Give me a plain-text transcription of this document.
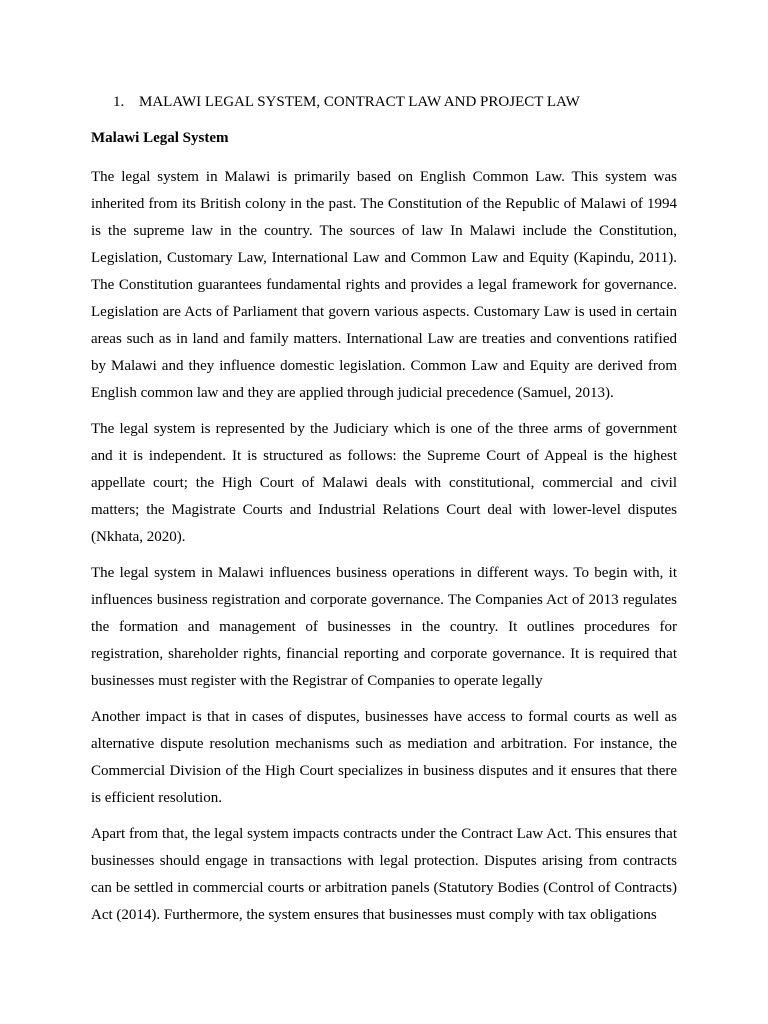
1. MALAWI LEGAL SYSTEM, CONTRACT LAW AND PROJECT LAW
Malawi Legal System

The legal system in Malawi is primarily based on English Common Law. This system was inherited from its British colony in the past. The Constitution of the Republic of Malawi of 1994 is the supreme law in the country. The sources of law In Malawi include the Constitution, Legislation, Customary Law, International Law and Common Law and Equity (Kapindu, 2011). The Constitution guarantees fundamental rights and provides a legal framework for governance. Legislation are Acts of Parliament that govern various aspects. Customary Law is used in certain areas such as in land and family matters. International Law are treaties and conventions ratified by Malawi and they influence domestic legislation. Common Law and Equity are derived from English common law and they are applied through judicial precedence (Samuel, 2013).

The legal system is represented by the Judiciary which is one of the three arms of government and it is independent. It is structured as follows: the Supreme Court of Appeal is the highest appellate court; the High Court of Malawi deals with constitutional, commercial and civil matters; the Magistrate Courts and Industrial Relations Court deal with lower-level disputes (Nkhata, 2020).

The legal system in Malawi influences business operations in different ways. To begin with, it influences business registration and corporate governance. The Companies Act of 2013 regulates the formation and management of businesses in the country. It outlines procedures for registration, shareholder rights, financial reporting and corporate governance. It is required that businesses must register with the Registrar of Companies to operate legally

Another impact is that in cases of disputes, businesses have access to formal courts as well as alternative dispute resolution mechanisms such as mediation and arbitration. For instance, the Commercial Division of the High Court specializes in business disputes and it ensures that there is efficient resolution.

Apart from that, the legal system impacts contracts under the Contract Law Act. This ensures that businesses should engage in transactions with legal protection. Disputes arising from contracts can be settled in commercial courts or arbitration panels (Statutory Bodies (Control of Contracts) Act (2014). Furthermore, the system ensures that businesses must comply with tax obligations
